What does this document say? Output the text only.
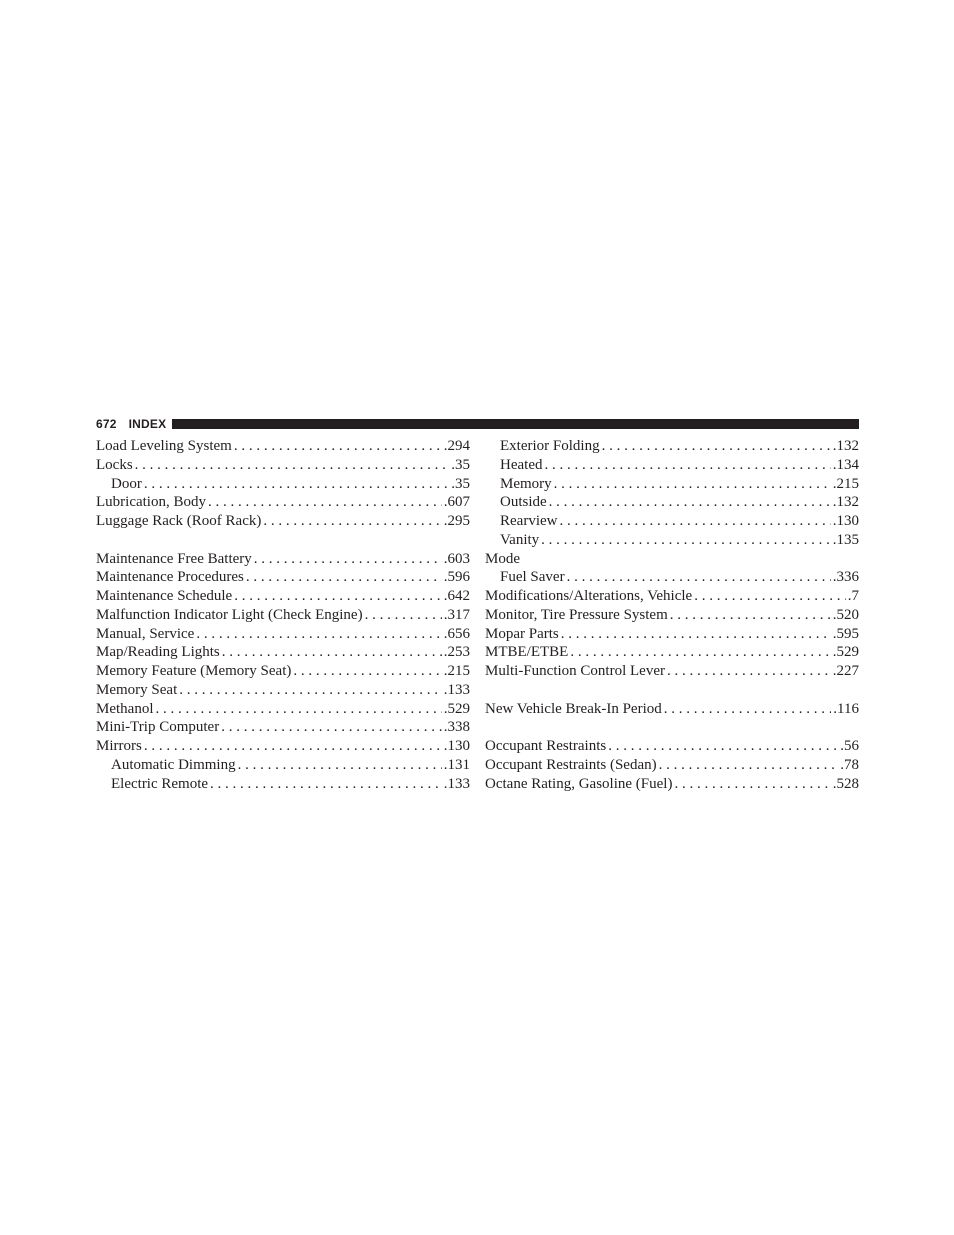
672 INDEX
Load Leveling System . . .	.294
Locks . . .	.35
Door . . .	.35
Lubrication, Body . . .	.607
Luggage Rack (Roof Rack) . . .	.295
Maintenance Free Battery . . .	.603
Maintenance Procedures . . .	.596
Maintenance Schedule . . .	.642
Malfunction Indicator Light (Check Engine) . . .	.317
Manual, Service . . .	.656
Map/Reading Lights . . .	.253
Memory Feature (Memory Seat) . . .	.215
Memory Seat . . .	.133
Methanol . . .	.529
Mini-Trip Computer . . .	.338
Mirrors . . .	.130
Automatic Dimming . . .	.131
Electric Remote . . .	.133
Exterior Folding . . .	.132
Heated . . .	.134
Memory . . .	.215
Outside . . .	.132
Rearview . . .	.130
Vanity . . .	.135
Mode
Fuel Saver . . .	.336
Modifications/Alterations, Vehicle . . .	.7
Monitor, Tire Pressure System . . .	.520
Mopar Parts . . .	.595
MTBE/ETBE . . .	.529
Multi-Function Control Lever . . .	.227
New Vehicle Break-In Period . . .	.116
Occupant Restraints . . .	.56
Occupant Restraints (Sedan) . . .	.78
Octane Rating, Gasoline (Fuel) . . .	.528
